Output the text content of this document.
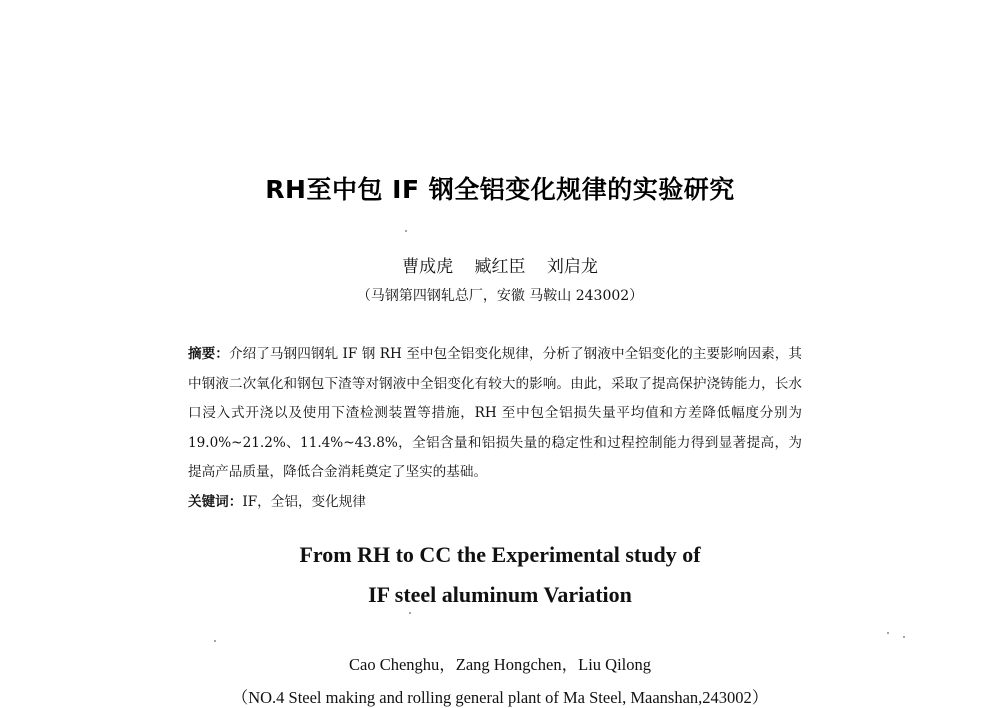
RH至中包 IF 钢全铝变化规律的实验研究
曹成虎 臧红臣 刘启龙
（马钢第四钢轧总厂，安徽 马鞍山 243002）
摘要：介绍了马钢四钢轧 IF 钢 RH 至中包全铝变化规律，分析了钢液中全铝变化的主要影响因素，其中钢液二次氧化和钢包下渣等对钢液中全铝变化有较大的影响。由此，采取了提高保护浇铸能力，长水口浸入式开浇以及使用下渣检测装置等措施，RH 至中包全铝损失量平均值和方差降低幅度分别为 19.0%~21.2%、11.4%~43.8%，全铝含量和铝损失量的稳定性和过程控制能力得到显著提高，为提高产品质量，降低合金消耗奠定了坚实的基础。
关键词：IF，全铝，变化规律
From RH to CC the Experimental study of
IF steel aluminum Variation
Cao Chenghu，Zang Hongchen，Liu Qilong
（NO.4 Steel making and rolling general plant of Ma Steel, Maanshan,243002）
